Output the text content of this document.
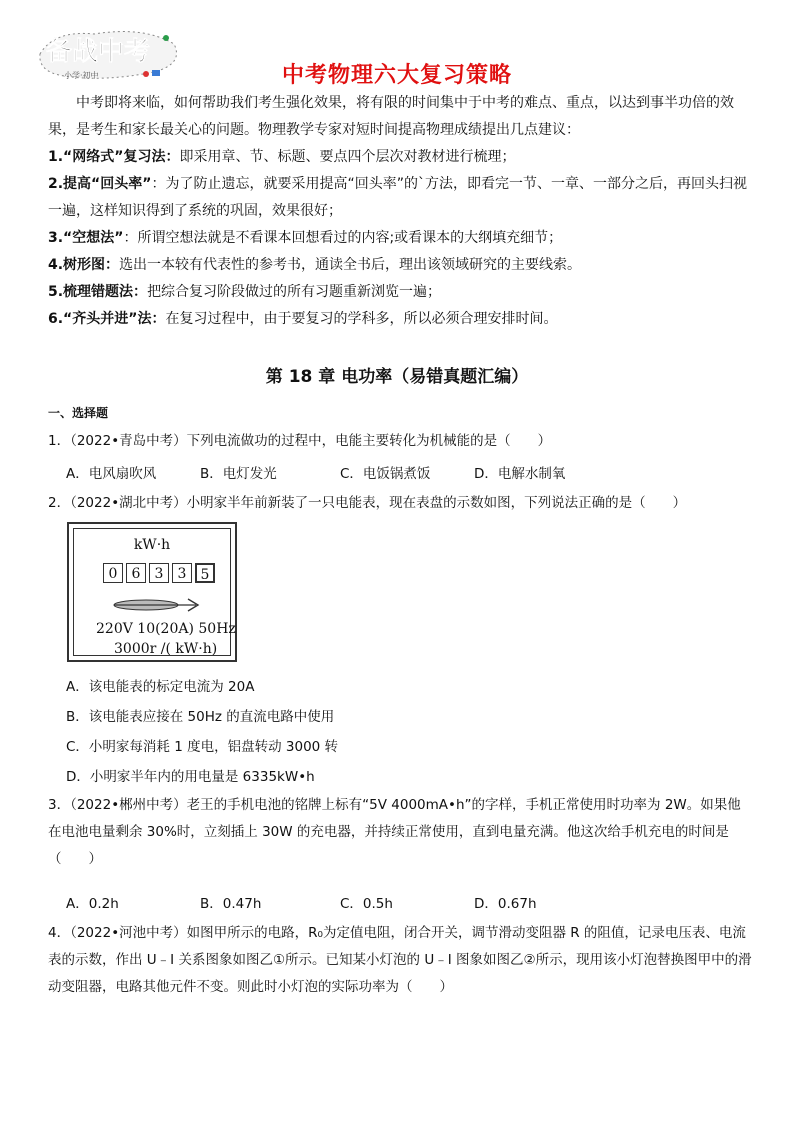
备战中考
小学·初中	中考物理六大复习策略
中考即将来临，如何帮助我们考生强化效果，将有限的时间集中于中考的难点、重点，以达到事半功倍的效果，是考生和家长最关心的问题。物理教学专家对短时间提高物理成绩提出几点建议：
1.“网络式”复习法：即采用章、节、标题、要点四个层次对教材进行梳理；
2.提高“回头率”：为了防止遗忘，就要采用提高“回头率”的`方法，即看完一节、一章、一部分之后，再回头扫视一遍，这样知识得到了系统的巩固，效果很好；
3.“空想法”：所谓空想法就是不看课本回想看过的内容;或看课本的大纲填充细节；
4.树形图：选出一本较有代表性的参考书，通读全书后，理出该领域研究的主要线索。
5.梳理错题法：把综合复习阶段做过的所有习题重新浏览一遍；
6.“齐头并进”法：在复习过程中，由于要复习的学科多，所以必须合理安排时间。
第 18 章 电功率（易错真题汇编）
一、选择题
1．（2022•青岛中考）下列电流做功的过程中，电能主要转化为机械能的是（　　）
A．电风扇吹风	B．电灯发光	C．电饭锅煮饭	D．电解水制氧
2．（2022•湖北中考）小明家半年前新装了一只电能表，现在表盘的示数如图，下列说法正确的是（　　）
kW·h
0	6	3	3	5
220V 10(20A) 50Hz
3000r /( kW·h)
A．该电能表的标定电流为 20A
B．该电能表应接在 50Hz 的直流电路中使用
C．小明家每消耗 1 度电，铝盘转动 3000 转
D．小明家半年内的用电量是 6335kW•h
3．（2022•郴州中考）老王的手机电池的铭牌上标有“5V 4000mA•h”的字样，手机正常使用时功率为 2W。如果他在电池电量剩余 30%时，立刻插上 30W 的充电器，并持续正常使用，直到电量充满。他这次给手机充电的时间是（　　）
A．0.2h	B．0.47h	C．0.5h	D．0.67h
4．（2022•河池中考）如图甲所示的电路，R₀为定值电阻，闭合开关，调节滑动变阻器 R 的阻值，记录电压表、电流表的示数，作出 U﹣I 关系图象如图乙①所示。已知某小灯泡的 U﹣I 图象如图乙②所示，现用该小灯泡替换图甲中的滑动变阻器，电路其他元件不变。则此时小灯泡的实际功率为（　　）
